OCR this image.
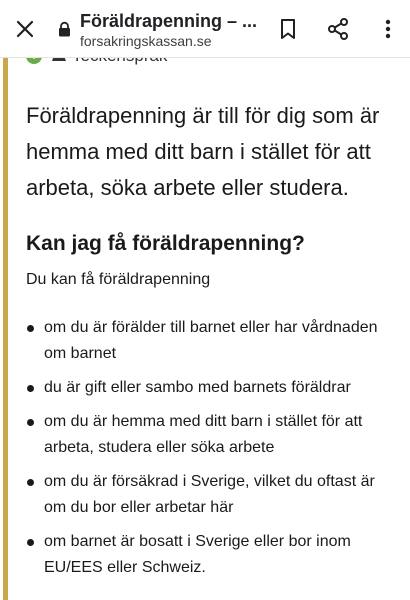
Föräldrapenning – ...
forsakringskassan.se

Föräldrapenning är till för dig som är hemma med ditt barn i stället för att arbeta, söka arbete eller studera.

Kan jag få föräldrapenning?

Du kan få föräldrapenning

om du är förälder till barnet eller har vårdnaden om barnet
du är gift eller sambo med barnets föräldrar
om du är hemma med ditt barn i stället för att arbeta, studera eller söka arbete
om du är försäkrad i Sverige, vilket du oftast är om du bor eller arbetar här
om barnet är bosatt i Sverige eller bor inom EU/EES eller Schweiz.
